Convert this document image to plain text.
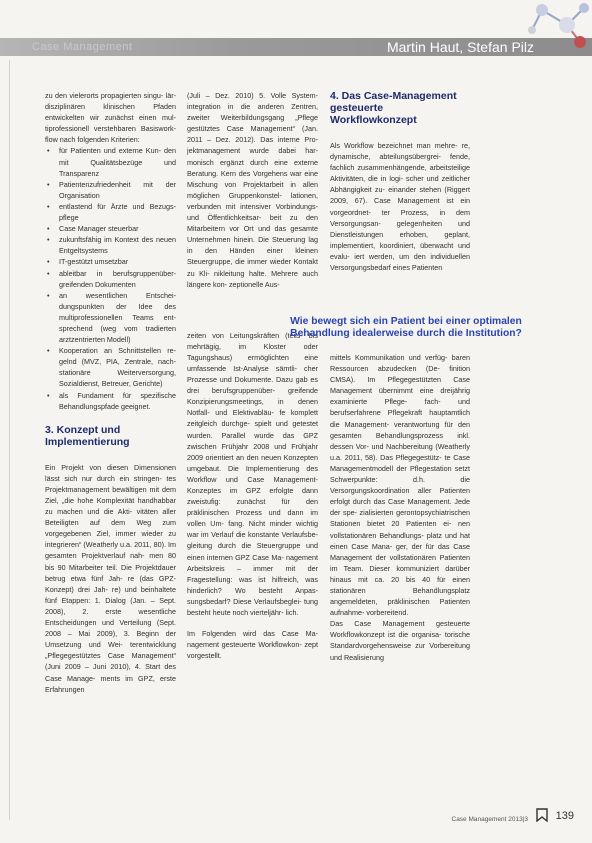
Case Management	Martin Haut, Stefan Pilz

zu den vielerorts propagierten singu- lär-disziplinären klinischen Pfaden entwickelten wir zunächst einen mul- tiprofessionell verstehbaren Basiswork- flow nach folgenden Kriterien:

• für Patienten und externe Kun- den mit Qualitätsbezüge und Transparenz
• Patientenzufriedenheit mit der Organisation
• entlastend für Ärzte und Bezugs- pflege
• Case Manager steuerbar
• zukunftsfähig im Kontext des neuen Entgeltsystems
• IT-gestützt umsetzbar
• ableitbar in berufsgruppenüber- greifenden Dokumenten
• an wesentlichen Entschei- dungspunkten der Idee des multiprofessionellen Teams ent- sprechend (weg vom tradierten arztzentrierten Modell)
• Kooperation an Schnittstellen re- gelnd (MVZ, PIA, Zentrale, nach- stationäre Weiterversorgung, Sozialdienst, Betreuer, Gerichte)
• als Fundament für spezifische Behandlungspfade geeignet.
3. Konzept und Implementierung

Ein Projekt von diesen Dimensionen lässt sich nur durch ein stringen- tes Projektmanagement bewältigen mit dem Ziel, „die hohe Komplexität handhabbar zu machen und die Akti- vitäten aller Beteiligten auf dem Weg zum vorgegebenen Ziel, immer wieder zu integrieren“ (Weatherly u.a. 2011, 80). Im gesamten Projektverlauf nah- men 80 bis 90 Mitarbeiter teil. Die Projektdauer betrug etwa fünf Jah- re (das GPZ-Konzept) drei Jah- re) und beinhaltete fünf Etappen: 1. Dialog (Jan. – Sept. 2008), 2. erste wesentliche Entscheidungen und Verteilung (Sept. 2008 – Mai 2009), 3. Beginn der Umsetzung und Wei- terentwicklung „Pflegegestütztes Case Management“ (Juni 2009 – Juni 2010), 4. Start des Case Manage- ments im GPZ, erste Erfahrungen

(Juli – Dez. 2010) 5. Volle System- integration in die anderen Zentren, zweiter Weiterbildungsgang „Pflege gestütztes Case Management“ (Jan. 2011 – Dez. 2012). Das interne Pro- jektmanagement wurde dabei har- monisch ergänzt durch eine externe Beratung. Kern des Vorgehens war eine Mischung von Projektarbeit in allen möglichen Gruppenkonstel- lationen, verbunden mit intensiver Vorbindungs- und Öffentlichkeitsar- beit zu den Mitarbeitern vor Ort und das gesamte Unternehmen hinein. Die Steuerung lag in den Händen einer kleinen Steuergruppe, die immer wieder Kontakt zu Kli- nikleitung halte. Mehrere auch längere kon- zeptionelle Aus-

zeiten von Leitungskräften (teils- bis mehrtägig, im Kloster oder Tagungshaus) ermöglichten eine umfassende Ist-Analyse sämtli- cher Prozesse und Dokumente. Dazu gab es drei berufsgruppenüber- greifende Konzipierungsmeetings, in denen Notfall- und Elektivabläu- fe komplett zeitgleich durchge- spielt und getestet wurden. Parallel wurde das GPZ zwischen Frühjahr 2008 und Frühjahr 2009 orientiert an den neuen Konzepten umgebaut. Die Implementierung des Workflow und Case Management-Konzeptes im GPZ erfolgte dann zweistufig: zunächst für den präklinischen Prozess und dann im vollen Um- fang. Nicht minder wichtig war im Verlauf die konstante Verlaufsbe- gleitung durch die Steuergruppe und einen internen GPZ Case Ma- nagement Arbeitskreis – immer mit der Fragestellung: was ist hilfreich, was hinderlich? Wo besteht Anpas- sungsbedarf? Diese Verlaufsbeglei- tung besteht heute noch vierteljähr- lich.

Im Folgenden wird das Case Ma- nagement gesteuerte Workflowkon- zept vorgestellt.

4. Das Case-Management gesteuerte Workflowkonzept

Als Workflow bezeichnet man mehre- re, dynamische, abteilungsübergrei- fende, fachlich zusammenhängende, arbeitsteilige Aktivitäten, die in logi- scher und zeitlicher Abhängigkeit zu- einander stehen (Riggert 2009, 67). Case Management ist ein vorgeordnet- ter Prozess, in dem Versorgungsan- gelegenheiten und Dienstleistungen erhoben, geplant, implementiert, koordiniert, überwacht und evalu- iert werden, um den individuellen Versorgungsbedarf eines Patienten

Wie bewegt sich ein Patient bei einer optimalen Behandlung idealerweise durch die Institution?

mittels Kommunikation und verfüg- baren Ressourcen abzudecken (De- finition CMSA). Im Pflegegestützten Case Management übernimmt eine dreijährig examinierte Pflege- fach- und berufserfahrene Pflegekraft hauptamtlich die Management- verantwortung für den gesamten Behandlungsprozess inkl. dessen Vor- und Nachbereitung (Weatherly u.a. 2011, 58). Das Pflegegestütz- te Case Managementmodell der Pflegestation setzt Schwerpunkte: d.h. die Versorgungskoordination aller Patienten erfolgt durch das Case Management. Jede der spe- zialisierten gerontopsychiatrischen Stationen bietet 20 Patienten ei- nen vollstationären Behandlungs- platz und hat einen Case Mana- ger, der für das Case Management der vollstationären Patienten im Team. Dieser kommuniziert darüber hinaus mit ca. 20 bis 40 für einen stationären Behandlungsplatz angemeldeten, präklinischen Patienten aufnahme- vorbereitend.

Das Case Management gesteuerte Workflowkonzept ist die organisa- torische Standardvorgehensweise zur Vorbereitung und Realisierung

Case Management 2013|3	139
